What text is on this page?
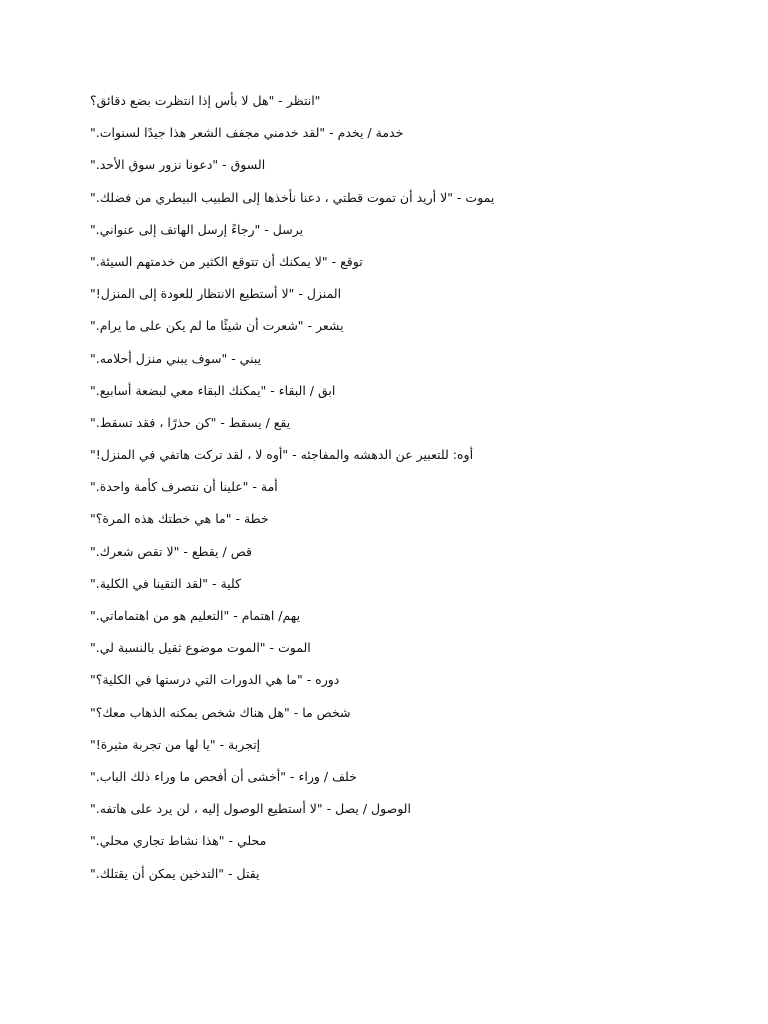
"انتظر - "هل لا بأس إذا انتظرت بضع دقائق؟
خدمة / يخدم - "لقد خدمني مجفف الشعر هذا جيدًا لسنوات."
السوق - "دعونا نزور سوق الأحد."
يموت - "لا أريد أن تموت قطتي ، دعنا نأخذها إلى الطبيب البيطري من فضلك."
يرسل - "رجاءً إرسل الهاتف إلى عنواني."
توقع - "لا يمكنك أن تتوقع الكثير من خدمتهم السيئة."
المنزل - "لا أستطيع الانتظار للعودة إلى المنزل!"
يشعر - "شعرت أن شيئًا ما لم يكن على ما يرام."
يبني - "سوف يبني منزل أحلامه."
ابق / البقاء - "يمكنك البقاء معي لبضعة أسابيع."
يقع / يسقط - "كن حذرًا ، فقد تسقط."
أوه: للتعبير عن الدهشه والمفاجئه - "أوه لا ، لقد تركت هاتفي في المنزل!"
أمة - "علينا أن نتصرف كأمة واحدة."
خطة - "ما هي خطتك هذه المرة؟"
قص / يقطع - "لا تقص شعرك."
كلية - "لقد التقينا في الكلية."
يهم/ اهتمام - "التعليم هو من اهتماماتي."
الموت - "الموت موضوع ثقيل بالنسبة لي."
دوره - "ما هي الدورات التي درستها في الكلية؟"
شخص ما - "هل هناك شخص يمكنه الذهاب معك؟"
إتجربة - "يا لها من تجربة مثيرة!"
خلف / وراء - "أخشى أن أفحص ما وراء ذلك الباب."
الوصول / يصل - "لا أستطيع الوصول إليه ، لن يرد على هاتفه."
محلي - "هذا نشاط تجاري محلي."
يقتل - "التدخين يمكن أن يقتلك."
